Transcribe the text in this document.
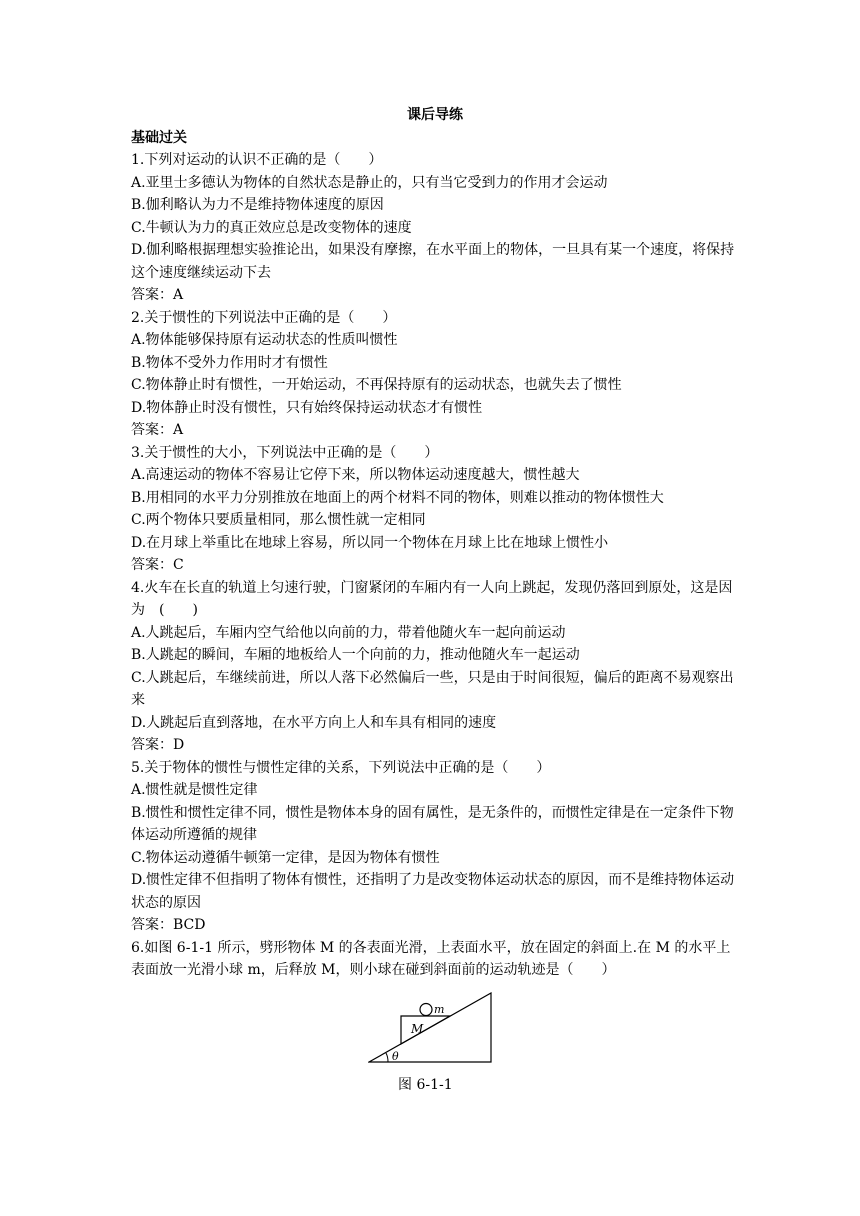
课后导练
基础过关
1.下列对运动的认识不正确的是（　　）
A.亚里士多德认为物体的自然状态是静止的，只有当它受到力的作用才会运动
B.伽利略认为力不是维持物体速度的原因
C.牛顿认为力的真正效应总是改变物体的速度
D.伽利略根据理想实验推论出，如果没有摩擦，在水平面上的物体，一旦具有某一个速度，将保持这个速度继续运动下去
答案：A
2.关于惯性的下列说法中正确的是（　　）
A.物体能够保持原有运动状态的性质叫惯性
B.物体不受外力作用时才有惯性
C.物体静止时有惯性，一开始运动，不再保持原有的运动状态，也就失去了惯性
D.物体静止时没有惯性，只有始终保持运动状态才有惯性
答案：A
3.关于惯性的大小，下列说法中正确的是（　　）
A.高速运动的物体不容易让它停下来，所以物体运动速度越大，惯性越大
B.用相同的水平力分别推放在地面上的两个材料不同的物体，则难以推动的物体惯性大
C.两个物体只要质量相同，那么惯性就一定相同
D.在月球上举重比在地球上容易，所以同一个物体在月球上比在地球上惯性小
答案：C
4.火车在长直的轨道上匀速行驶，门窗紧闭的车厢内有一人向上跳起，发现仍落回到原处，这是因为　(　　)
A.人跳起后，车厢内空气给他以向前的力，带着他随火车一起向前运动
B.人跳起的瞬间，车厢的地板给人一个向前的力，推动他随火车一起运动
C.人跳起后，车继续前进，所以人落下必然偏后一些，只是由于时间很短，偏后的距离不易观察出来
D.人跳起后直到落地，在水平方向上人和车具有相同的速度
答案：D
5.关于物体的惯性与惯性定律的关系，下列说法中正确的是（　　）
A.惯性就是惯性定律
B.惯性和惯性定律不同，惯性是物体本身的固有属性，是无条件的，而惯性定律是在一定条件下物体运动所遵循的规律
C.物体运动遵循牛顿第一定律，是因为物体有惯性
D.惯性定律不但指明了物体有惯性，还指明了力是改变物体运动状态的原因，而不是维持物体运动状态的原因
答案：BCD
6.如图 6-1-1 所示，劈形物体 M 的各表面光滑，上表面水平，放在固定的斜面上.在 M 的水平上表面放一光滑小球 m，后释放 M，则小球在碰到斜面前的运动轨迹是（　　）
m
M
θ
图 6-1-1
